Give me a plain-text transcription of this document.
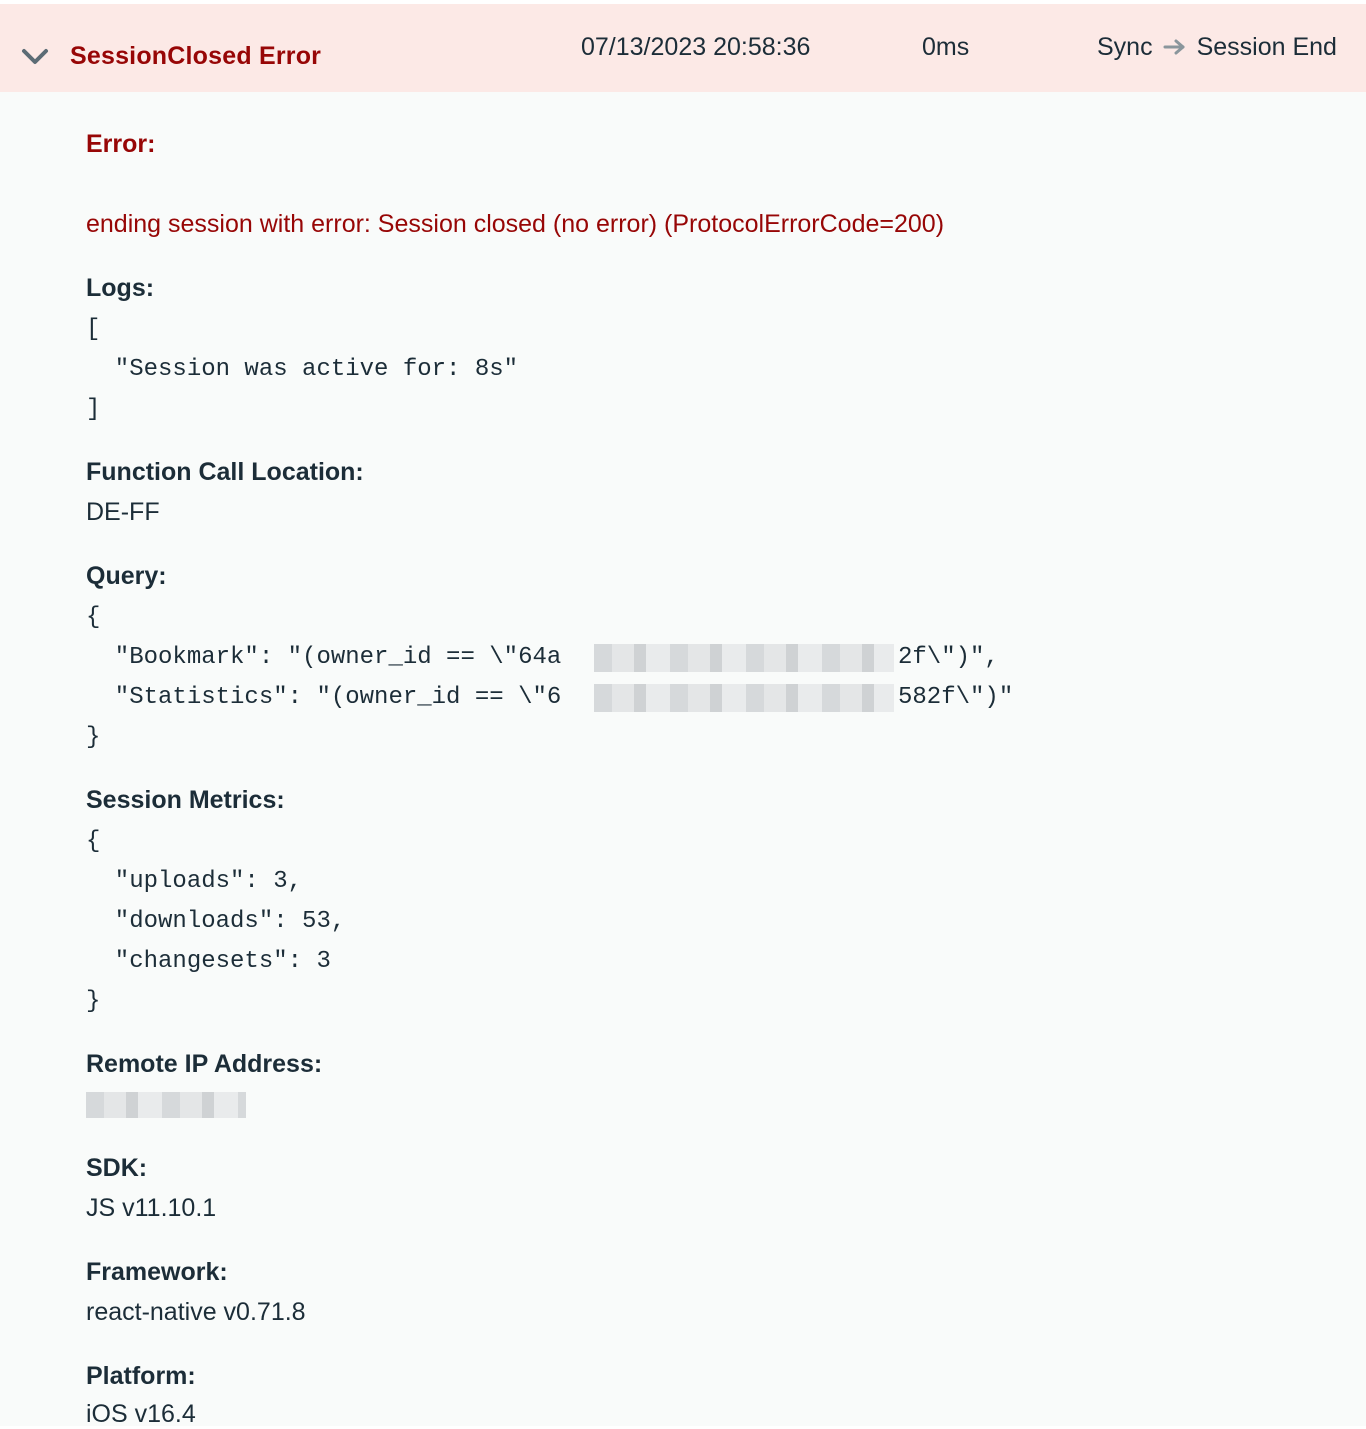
SessionClosed Error	07/13/2023 20:58:36	0ms	Sync Session End
Error:
ending session with error: Session closed (no error) (ProtocolErrorCode=200)
Logs:
[
"Session was active for: 8s"
]
Function Call Location:
DE-FF
Query:
{
"Bookmark": "(owner_id == \"64a
"Statistics": "(owner_id == \"6
}
2f\")",
582f\")"
Session Metrics:
{
"uploads": 3,
"downloads": 53,
"changesets": 3
}
Remote IP Address:
SDK:
JS v11.10.1
Framework:
react-native v0.71.8
Platform:
iOS v16.4
